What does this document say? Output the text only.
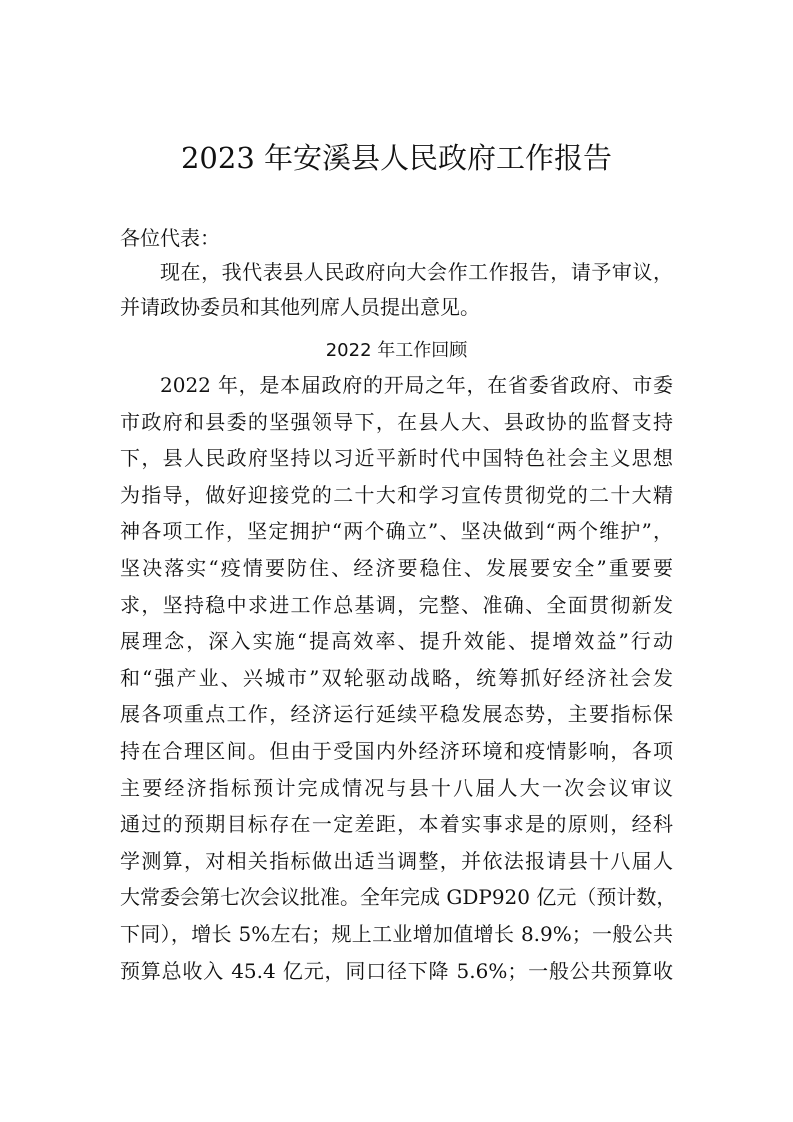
2023 年安溪县人民政府工作报告
各位代表：
现在，我代表县人民政府向大会作工作报告，请予审议，
并请政协委员和其他列席人员提出意见。
2022 年工作回顾
2022 年，是本届政府的开局之年，在省委省政府、市委
市政府和县委的坚强领导下，在县人大、县政协的监督支持
下，县人民政府坚持以习近平新时代中国特色社会主义思想
为指导，做好迎接党的二十大和学习宣传贯彻党的二十大精
神各项工作，坚定拥护“两个确立”、坚决做到“两个维护”，
坚决落实“疫情要防住、经济要稳住、发展要安全”重要要
求，坚持稳中求进工作总基调，完整、准确、全面贯彻新发
展理念，深入实施“提高效率、提升效能、提增效益”行动
和“强产业、兴城市”双轮驱动战略，统筹抓好经济社会发
展各项重点工作，经济运行延续平稳发展态势，主要指标保
持在合理区间。但由于受国内外经济环境和疫情影响，各项
主要经济指标预计完成情况与县十八届人大一次会议审议
通过的预期目标存在一定差距，本着实事求是的原则，经科
学测算，对相关指标做出适当调整，并依法报请县十八届人
大常委会第七次会议批准。全年完成 GDP920 亿元（预计数，
下同），增长 5%左右；规上工业增加值增长 8.9%；一般公共
预算总收入 45.4 亿元，同口径下降 5.6%；一般公共预算收
